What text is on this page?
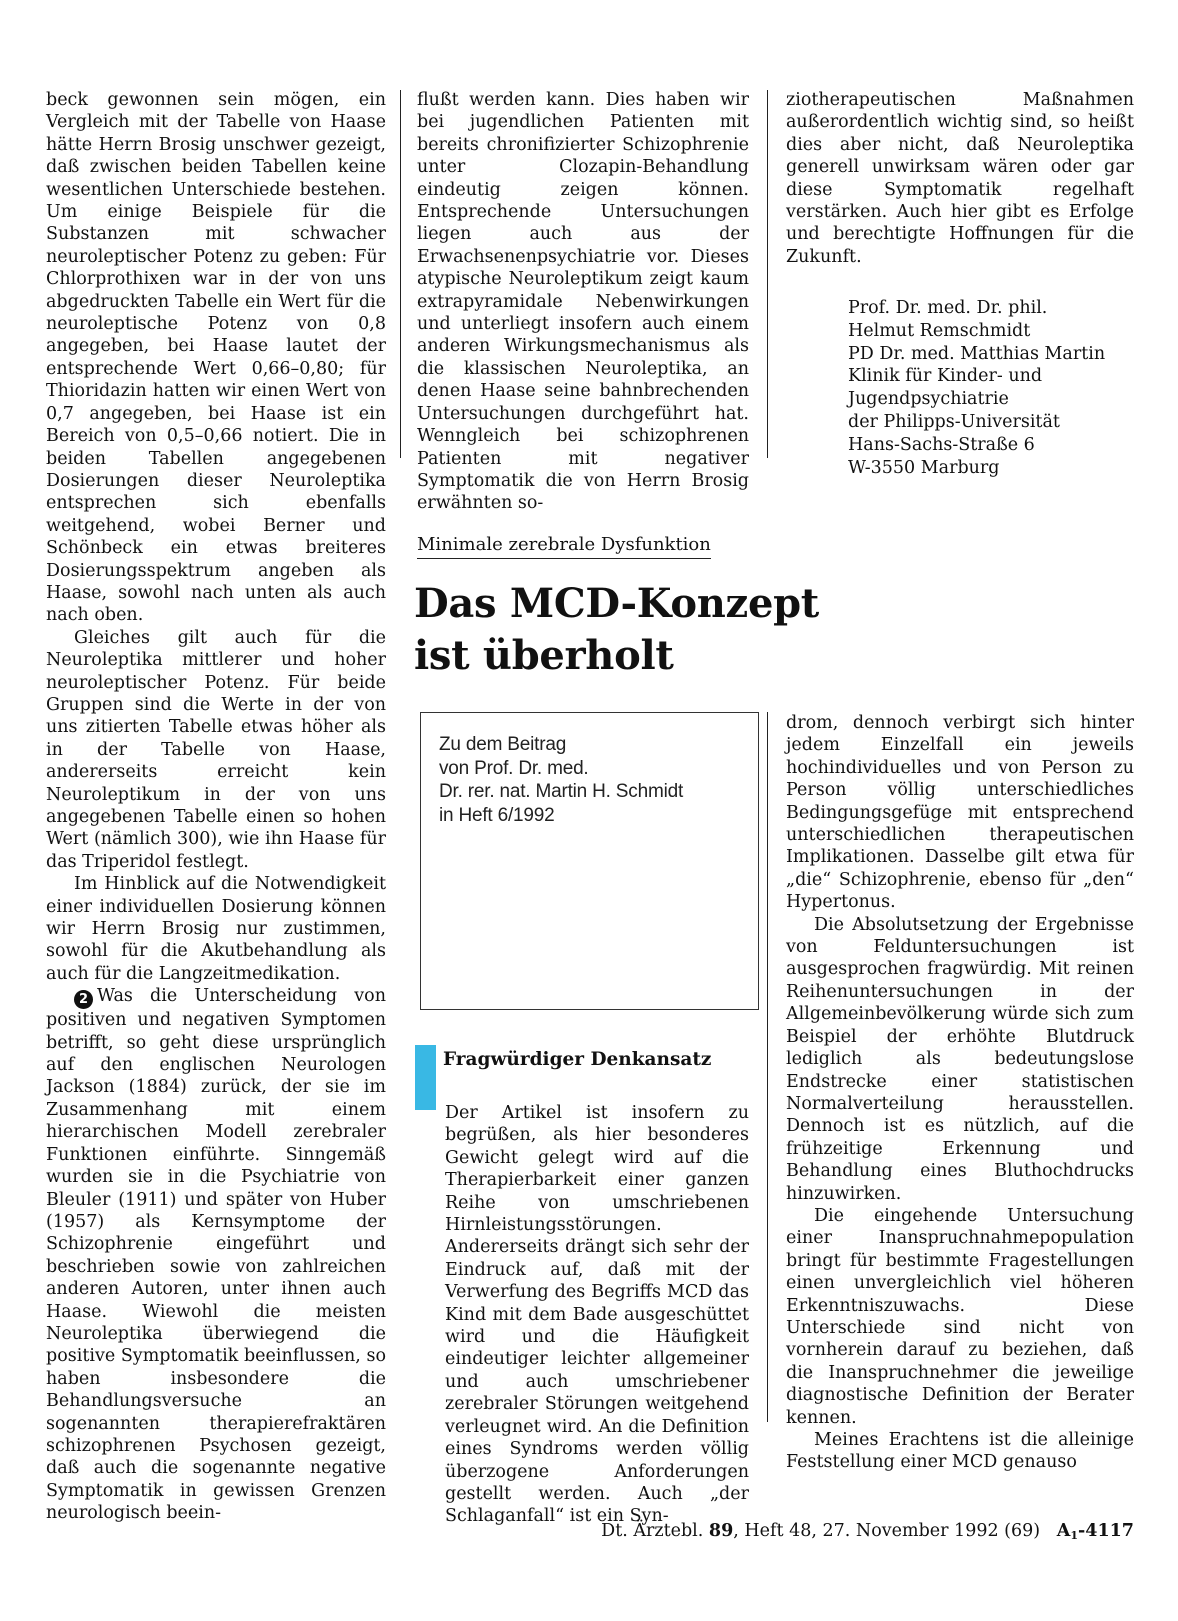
beck gewonnen sein mögen, ein Vergleich mit der Tabelle von Haase hätte Herrn Brosig unschwer gezeigt, daß zwischen beiden Tabellen keine wesentlichen Unterschiede bestehen. Um einige Beispiele für die Substanzen mit schwacher neuroleptischer Potenz zu geben: Für Chlorprothixen war in der von uns abgedruckten Tabelle ein Wert für die neuroleptische Potenz von 0,8 angegeben, bei Haase lautet der entsprechende Wert 0,66–0,80; für Thioridazin hatten wir einen Wert von 0,7 angegeben, bei Haase ist ein Bereich von 0,5–0,66 notiert. Die in beiden Tabellen angegebenen Dosierungen dieser Neuroleptika entsprechen sich ebenfalls weitgehend, wobei Berner und Schönbeck ein etwas breiteres Dosierungsspektrum angeben als Haase, sowohl nach unten als auch nach oben.

Gleiches gilt auch für die Neuroleptika mittlerer und hoher neuroleptischer Potenz. Für beide Gruppen sind die Werte in der von uns zitierten Tabelle etwas höher als in der Tabelle von Haase, andererseits erreicht kein Neuroleptikum in der von uns angegebenen Tabelle einen so hohen Wert (nämlich 300), wie ihn Haase für das Triperidol festlegt.

Im Hinblick auf die Notwendigkeit einer individuellen Dosierung können wir Herrn Brosig nur zustimmen, sowohl für die Akutbehandlung als auch für die Langzeitmedikation.

2 Was die Unterscheidung von positiven und negativen Symptomen betrifft, so geht diese ursprünglich auf den englischen Neurologen Jackson (1884) zurück, der sie im Zusammenhang mit einem hierarchischen Modell zerebraler Funktionen einführte. Sinngemäß wurden sie in die Psychiatrie von Bleuler (1911) und später von Huber (1957) als Kernsymptome der Schizophrenie eingeführt und beschrieben sowie von zahlreichen anderen Autoren, unter ihnen auch Haase. Wiewohl die meisten Neuroleptika überwiegend die positive Symptomatik beeinflussen, so haben insbesondere die Behandlungsversuche an sogenannten therapierefraktären schizophrenen Psychosen gezeigt, daß auch die sogenannte negative Symptomatik in gewissen Grenzen neurologisch beein-

flußt werden kann. Dies haben wir bei jugendlichen Patienten mit bereits chronifizierter Schizophrenie unter Clozapin-Behandlung eindeutig zeigen können. Entsprechende Untersuchungen liegen auch aus der Erwachsenenpsychiatrie vor. Dieses atypische Neuroleptikum zeigt kaum extrapyramidale Nebenwirkungen und unterliegt insofern auch einem anderen Wirkungsmechanismus als die klassischen Neuroleptika, an denen Haase seine bahnbrechenden Untersuchungen durchgeführt hat. Wenngleich bei schizophrenen Patienten mit negativer Symptomatik die von Herrn Brosig erwähnten so-

ziotherapeutischen Maßnahmen außerordentlich wichtig sind, so heißt dies aber nicht, daß Neuroleptika generell unwirksam wären oder gar diese Symptomatik regelhaft verstärken. Auch hier gibt es Erfolge und berechtigte Hoffnungen für die Zukunft.

Prof. Dr. med. Dr. phil.
Helmut Remschmidt
PD Dr. med. Matthias Martin
Klinik für Kinder- und
Jugendpsychiatrie
der Philipps-Universität
Hans-Sachs-Straße 6
W-3550 Marburg
Minimale zerebrale Dysfunktion
Das MCD-Konzept
ist überholt
Zu dem Beitrag
von Prof. Dr. med.
Dr. rer. nat. Martin H. Schmidt
in Heft 6/1992
Fragwürdiger Denkansatz

Der Artikel ist insofern zu begrüßen, als hier besonderes Gewicht gelegt wird auf die Therapierbarkeit einer ganzen Reihe von umschriebenen Hirnleistungsstörungen. Andererseits drängt sich sehr der Eindruck auf, daß mit der Verwerfung des Begriffs MCD das Kind mit dem Bade ausgeschüttet wird und die Häufigkeit eindeutiger leichter allgemeiner und auch umschriebener zerebraler Störungen weitgehend verleugnet wird. An die Definition eines Syndroms werden völlig überzogene Anforderungen gestellt werden. Auch „der Schlaganfall“ ist ein Syn-

drom, dennoch verbirgt sich hinter jedem Einzelfall ein jeweils hochindividuelles und von Person zu Person völlig unterschiedliches Bedingungsgefüge mit entsprechend unterschiedlichen therapeutischen Implikationen. Dasselbe gilt etwa für „die“ Schizophrenie, ebenso für „den“ Hypertonus.

Die Absolutsetzung der Ergebnisse von Felduntersuchungen ist ausgesprochen fragwürdig. Mit reinen Reihenuntersuchungen in der Allgemeinbevölkerung würde sich zum Beispiel der erhöhte Blutdruck lediglich als bedeutungslose Endstrecke einer statistischen Normalverteilung herausstellen. Dennoch ist es nützlich, auf die frühzeitige Erkennung und Behandlung eines Bluthochdrucks hinzuwirken.

Die eingehende Untersuchung einer Inanspruchnahmepopulation bringt für bestimmte Fragestellungen einen unvergleichlich viel höheren Erkenntniszuwachs. Diese Unterschiede sind nicht von vornherein darauf zu beziehen, daß die Inanspruchnehmer die jeweilige diagnostische Definition der Berater kennen.

Meines Erachtens ist die alleinige Feststellung einer MCD genauso

Dt. Ärztebl. 89, Heft 48, 27. November 1992 (69) $A_1-4117$
